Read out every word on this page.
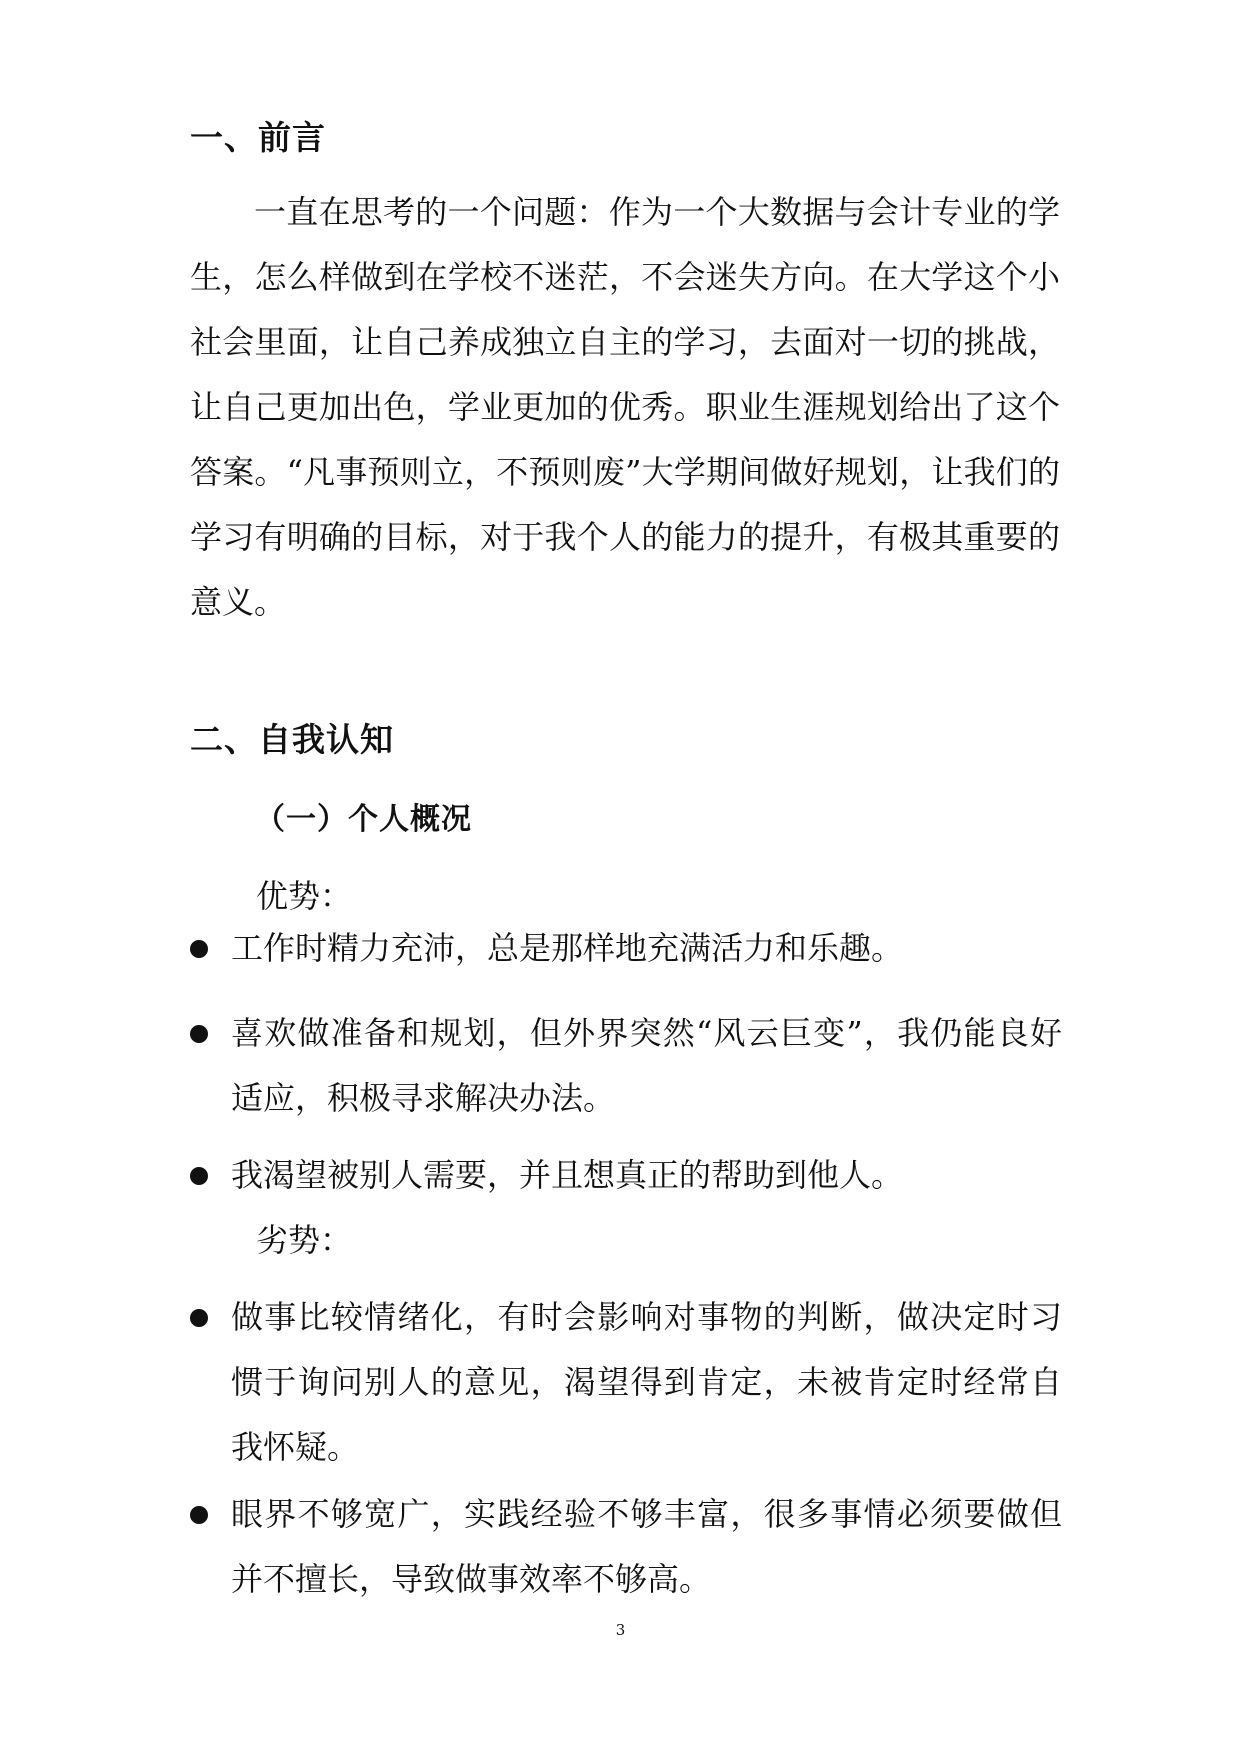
一、前言

一直在思考的一个问题：作为一个大数据与会计专业的学生，怎么样做到在学校不迷茫，不会迷失方向。在大学这个小社会里面，让自己养成独立自主的学习，去面对一切的挑战，让自己更加出色，学业更加的优秀。职业生涯规划给出了这个答案。“凡事预则立，不预则废”大学期间做好规划，让我们的学习有明确的目标，对于我个人的能力的提升，有极其重要的意义。

二、自我认知
（一）个人概况
优势：
工作时精力充沛，总是那样地充满活力和乐趣。
喜欢做准备和规划，但外界突然“风云巨变”，我仍能良好适应，积极寻求解决办法。
我渴望被别人需要，并且想真正的帮助到他人。
劣势：
做事比较情绪化，有时会影响对事物的判断，做决定时习惯于询问别人的意见，渴望得到肯定，未被肯定时经常自我怀疑。
眼界不够宽广，实践经验不够丰富，很多事情必须要做但并不擅长，导致做事效率不够高。
3
